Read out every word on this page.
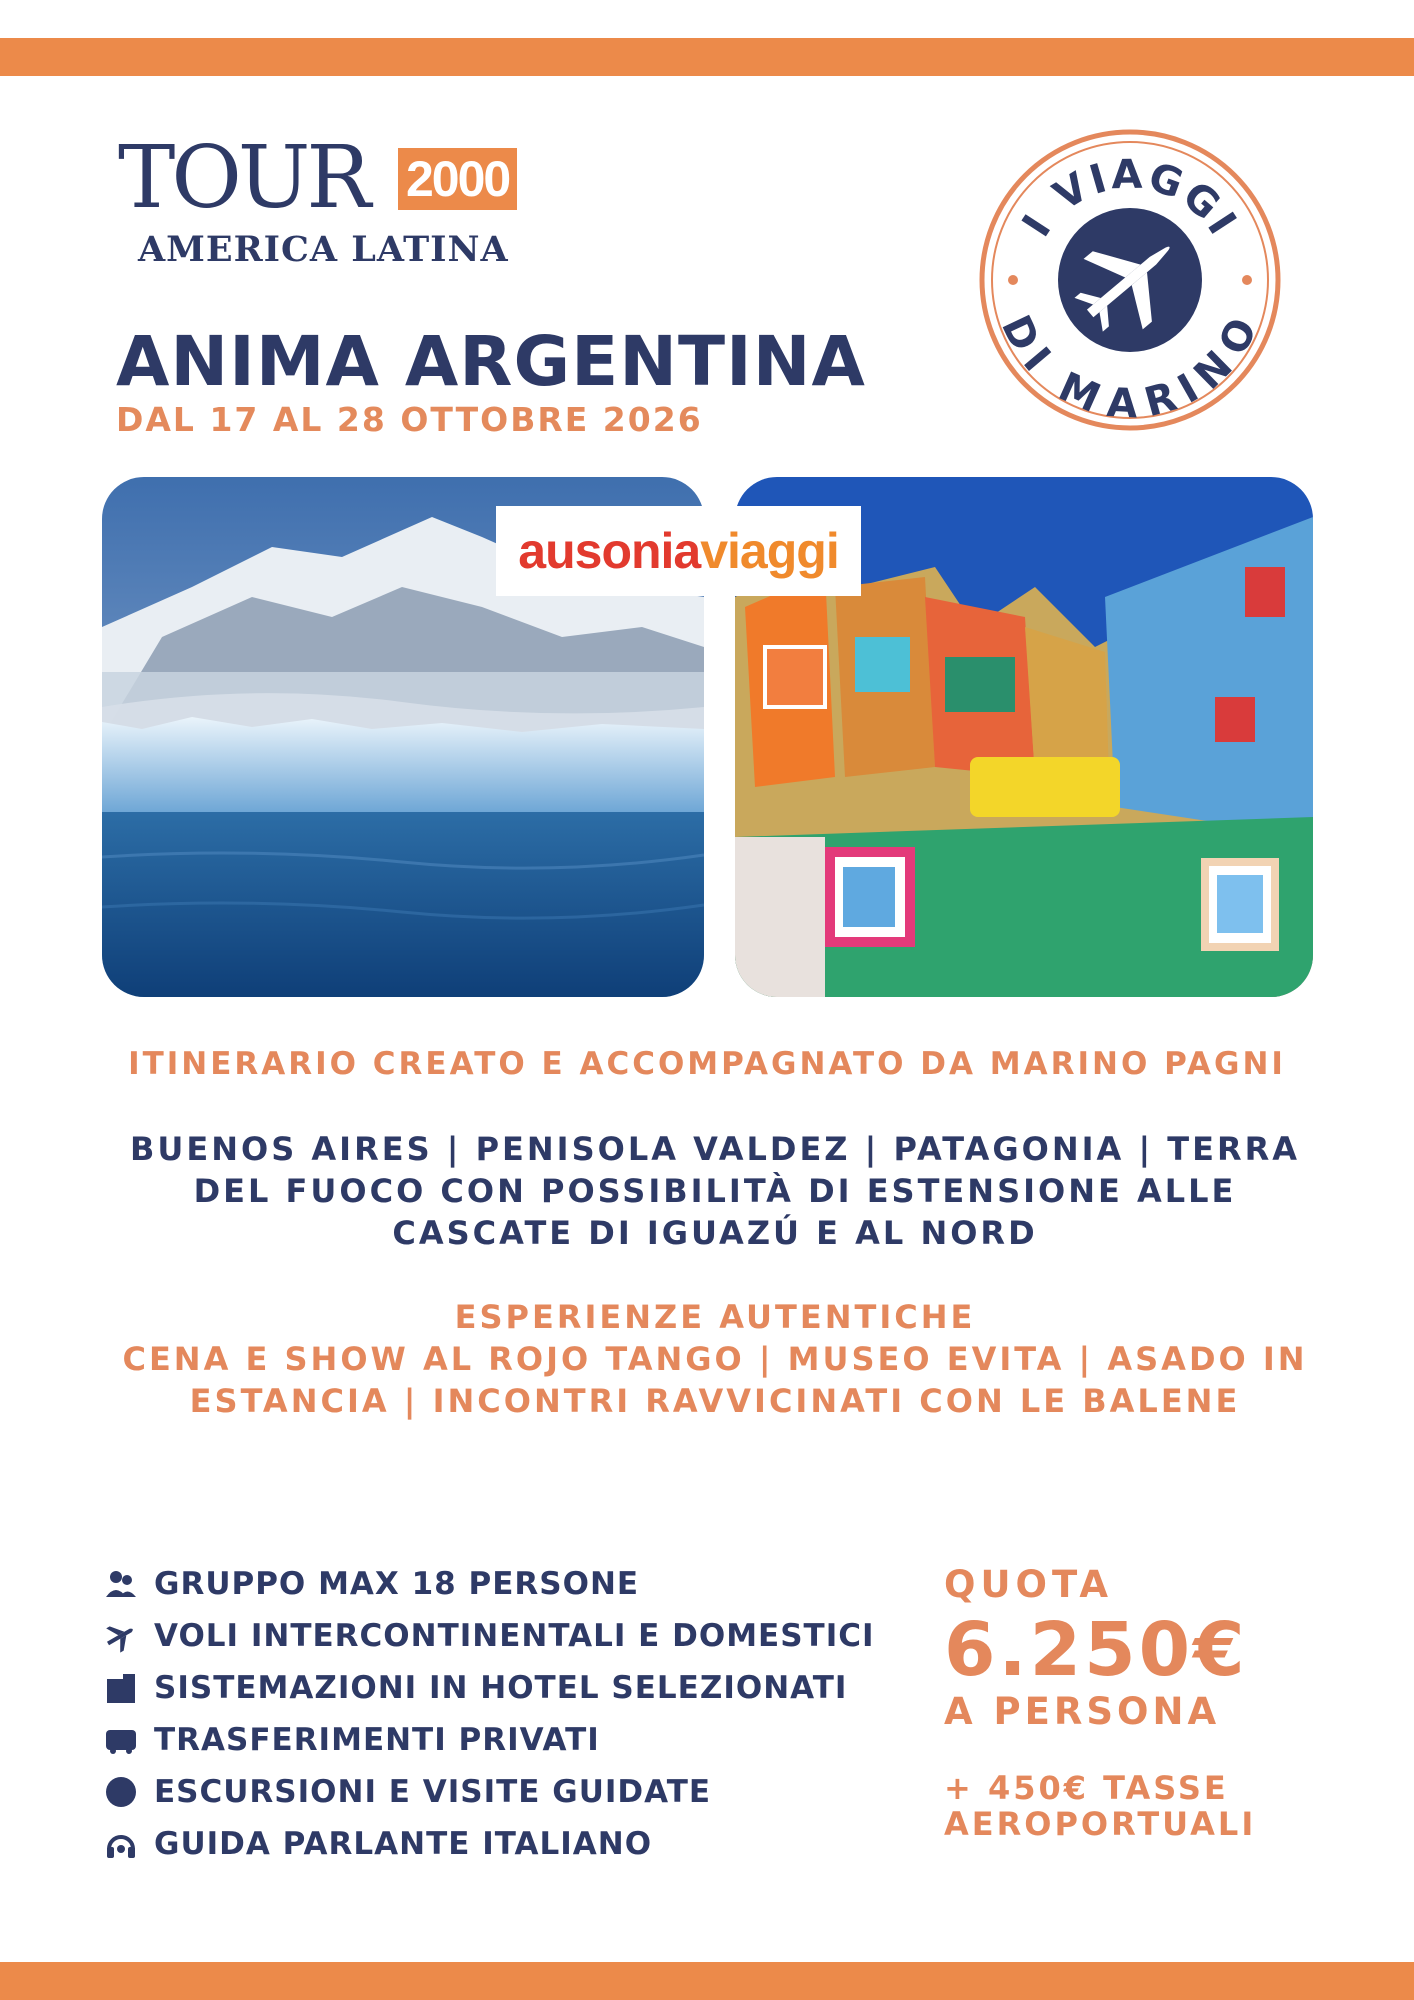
TOUR 2000
AMERICA LATINA
I VIAGGI
DI MARINO
ANIMA ARGENTINA
DAL 17 AL 28 OTTOBRE 2026
ausonia viaggi
ITINERARIO CREATO E ACCOMPAGNATO DA MARINO PAGNI
BUENOS AIRES | PENISOLA VALDEZ | PATAGONIA | TERRA DEL FUOCO CON POSSIBILITÀ DI ESTENSIONE ALLE CASCATE DI IGUAZÚ E AL NORD
ESPERIENZE AUTENTICHE
CENA E SHOW AL ROJO TANGO | MUSEO EVITA | ASADO IN ESTANCIA | INCONTRI RAVVICINATI CON LE BALENE
GRUPPO MAX 18 PERSONE
VOLI INTERCONTINENTALI E DOMESTICI
SISTEMAZIONI IN HOTEL SELEZIONATI
TRASFERIMENTI PRIVATI
ESCURSIONI E VISITE GUIDATE
GUIDA PARLANTE ITALIANO
QUOTA
6.250€
A PERSONA
+ 450€ TASSE
AEROPORTUALI
